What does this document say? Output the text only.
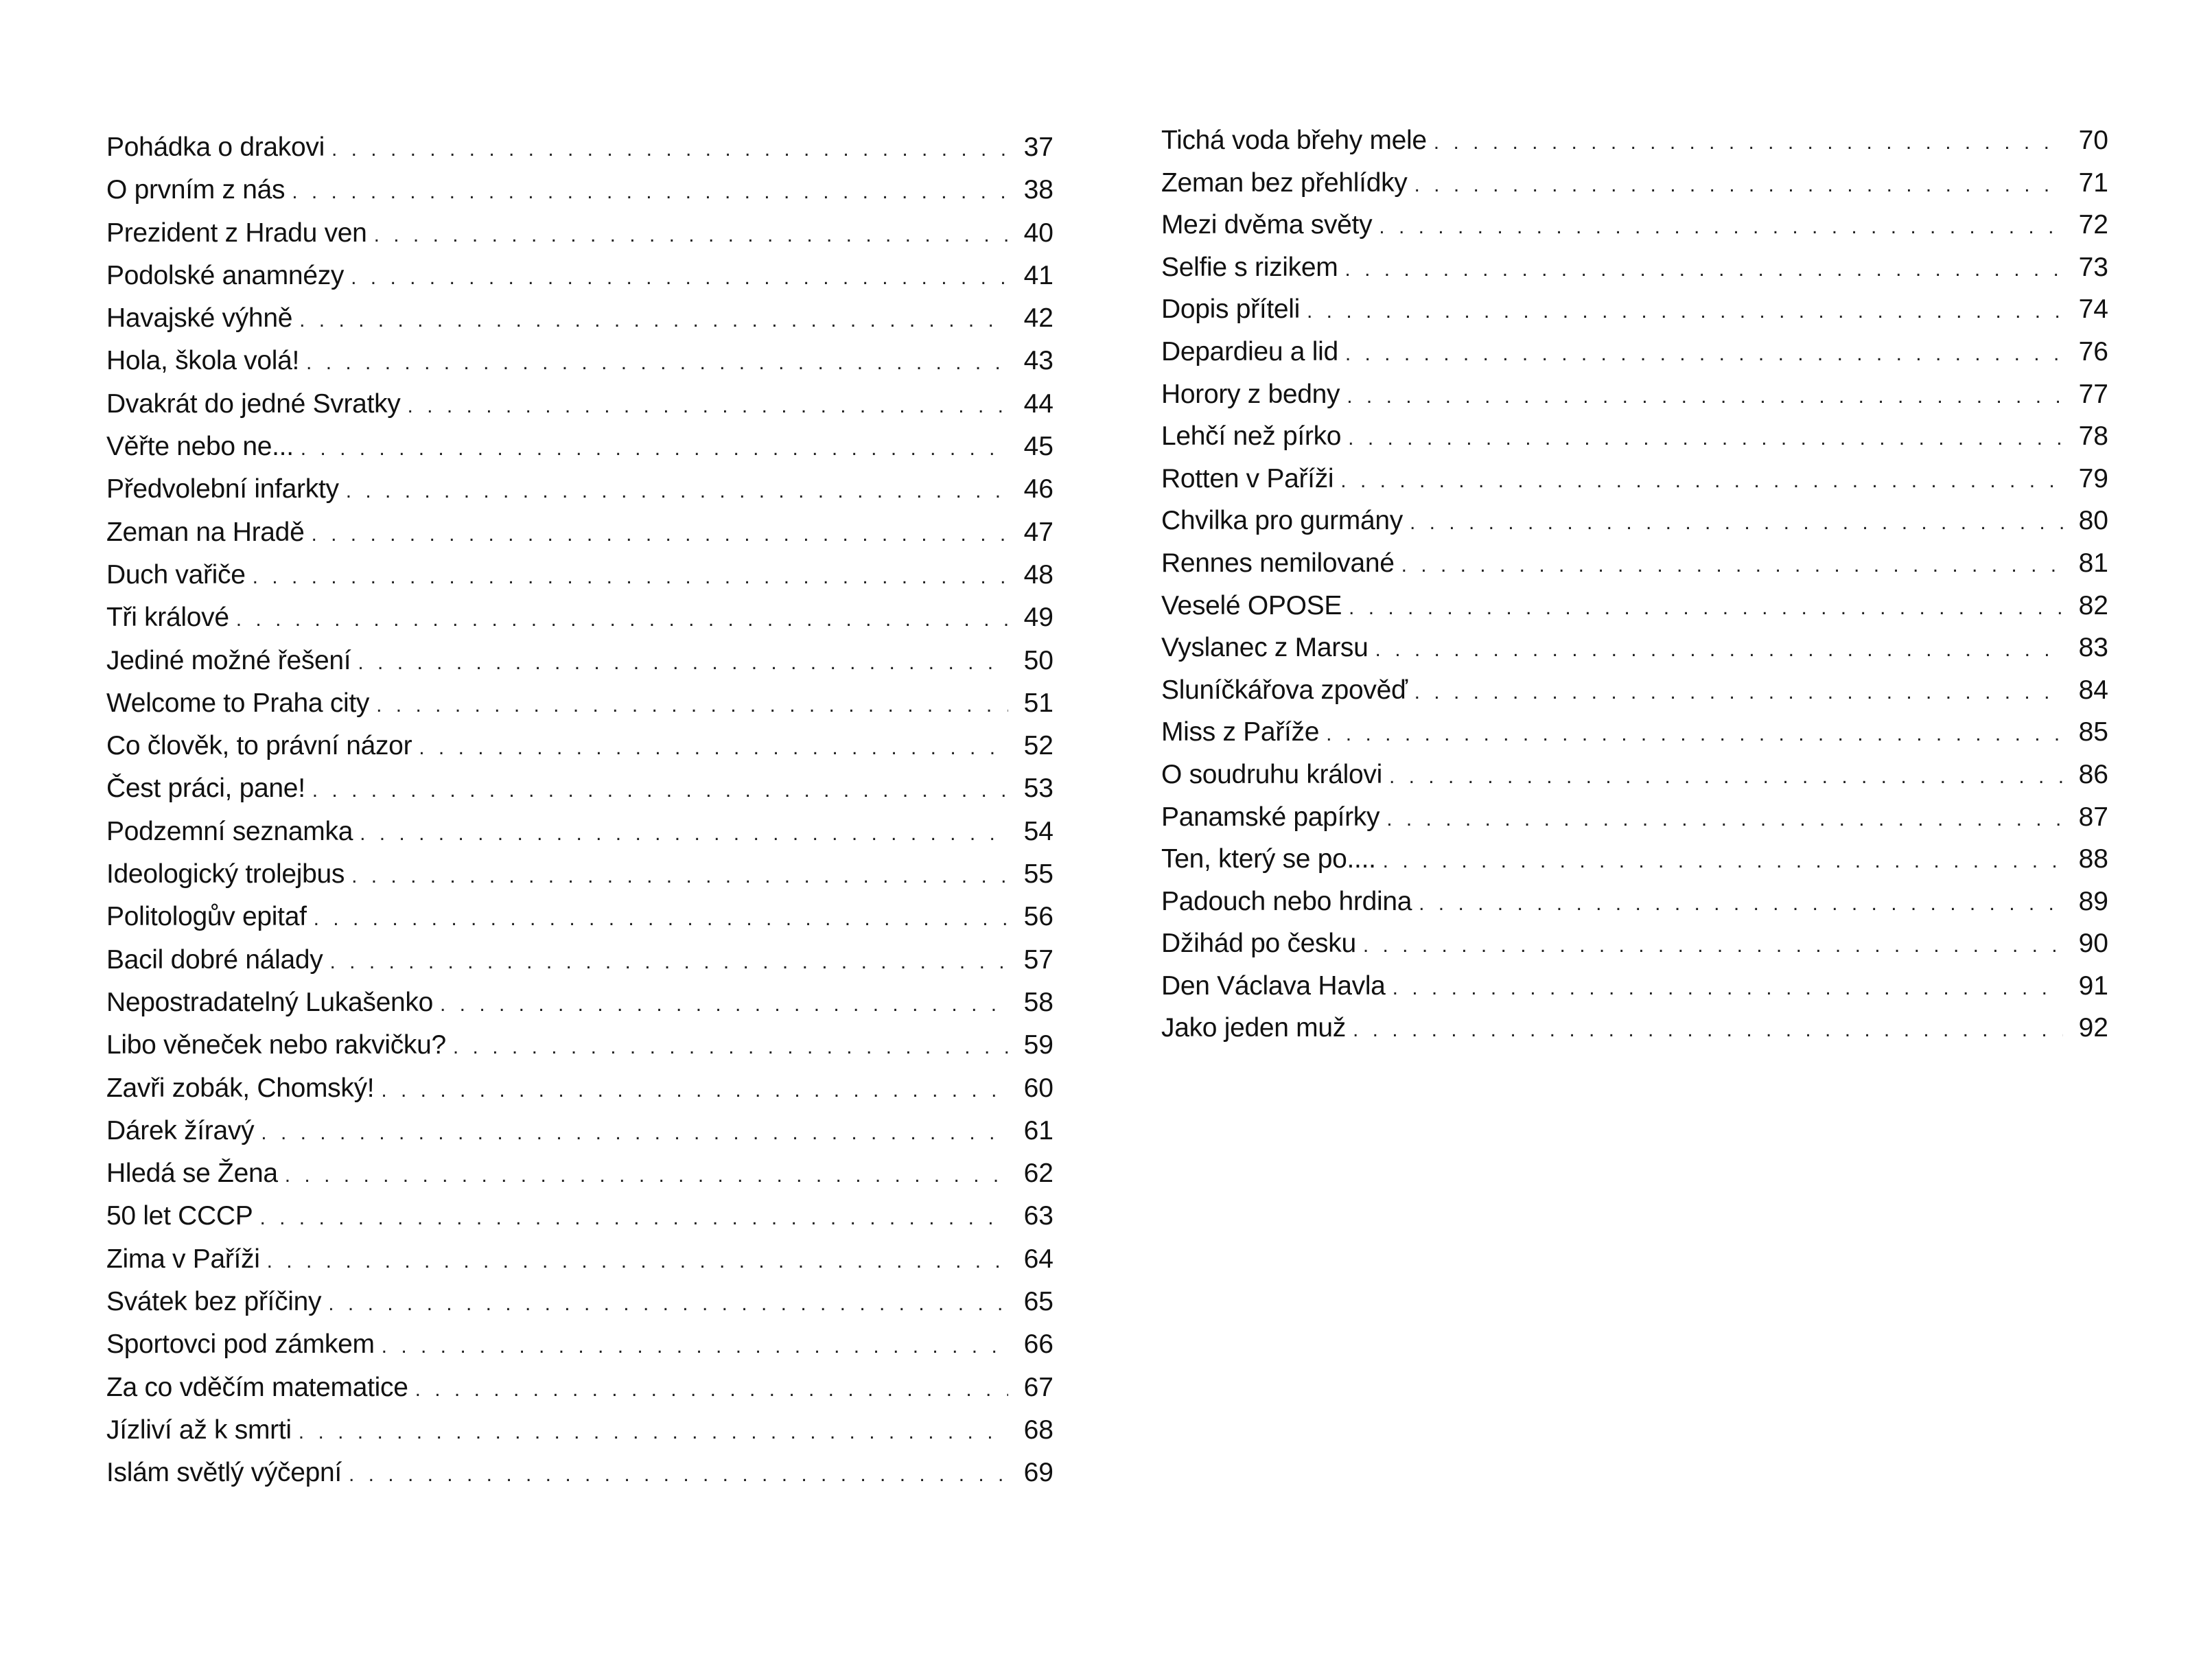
Pohádka o drakovi . . .	37
O prvním z nás . . .	38
Prezident z Hradu ven . . .	40
Podolské anamnézy . . .	41
Havajské výhně . . .	42
Hola, škola volá! . . .	43
Dvakrát do jedné Svratky . . .	44
Věřte nebo ne... . . .	45
Předvolební infarkty . . .	46
Zeman na Hradě . . .	47
Duch vařiče . . .	48
Tři králové . . .	49
Jediné možné řešení . . .	50
Welcome to Praha city . . .	51
Co člověk, to právní názor . . .	52
Čest práci, pane! . . .	53
Podzemní seznamka . . .	54
Ideologický trolejbus . . .	55
Politologův epitaf . . .	56
Bacil dobré nálady . . .	57
Nepostradatelný Lukašenko . . .	58
Libo věneček nebo rakvičku? . . .	59
Zavři zobák, Chomský! . . .	60
Dárek žíravý . . .	61
Hledá se Žena . . .	62
50 let CCCP . . .	63
Zima v Paříži . . .	64
Svátek bez příčiny . . .	65
Sportovci pod zámkem . . .	66
Za co vděčím matematice . . .	67
Jízliví až k smrti . . .	68
Islám světlý výčepní . . .	69
Tichá voda břehy mele . . .	70
Zeman bez přehlídky . . .	71
Mezi dvěma světy . . .	72
Selfie s rizikem . . .	73
Dopis příteli . . .	74
Depardieu a lid . . .	76
Horory z bedny . . .	77
Lehčí než pírko . . .	78
Rotten v Paříži . . .	79
Chvilka pro gurmány . . .	80
Rennes nemilované . . .	81
Veselé OPOSE . . .	82
Vyslanec z Marsu . . .	83
Sluníčkářova zpověď . . .	84
Miss z Paříže . . .	85
O soudruhu královi . . .	86
Panamské papírky . . .	87
Ten, který se po.... . . .	88
Padouch nebo hrdina . . .	89
Džihád po česku . . .	90
Den Václava Havla . . .	91
Jako jeden muž . . .	92
